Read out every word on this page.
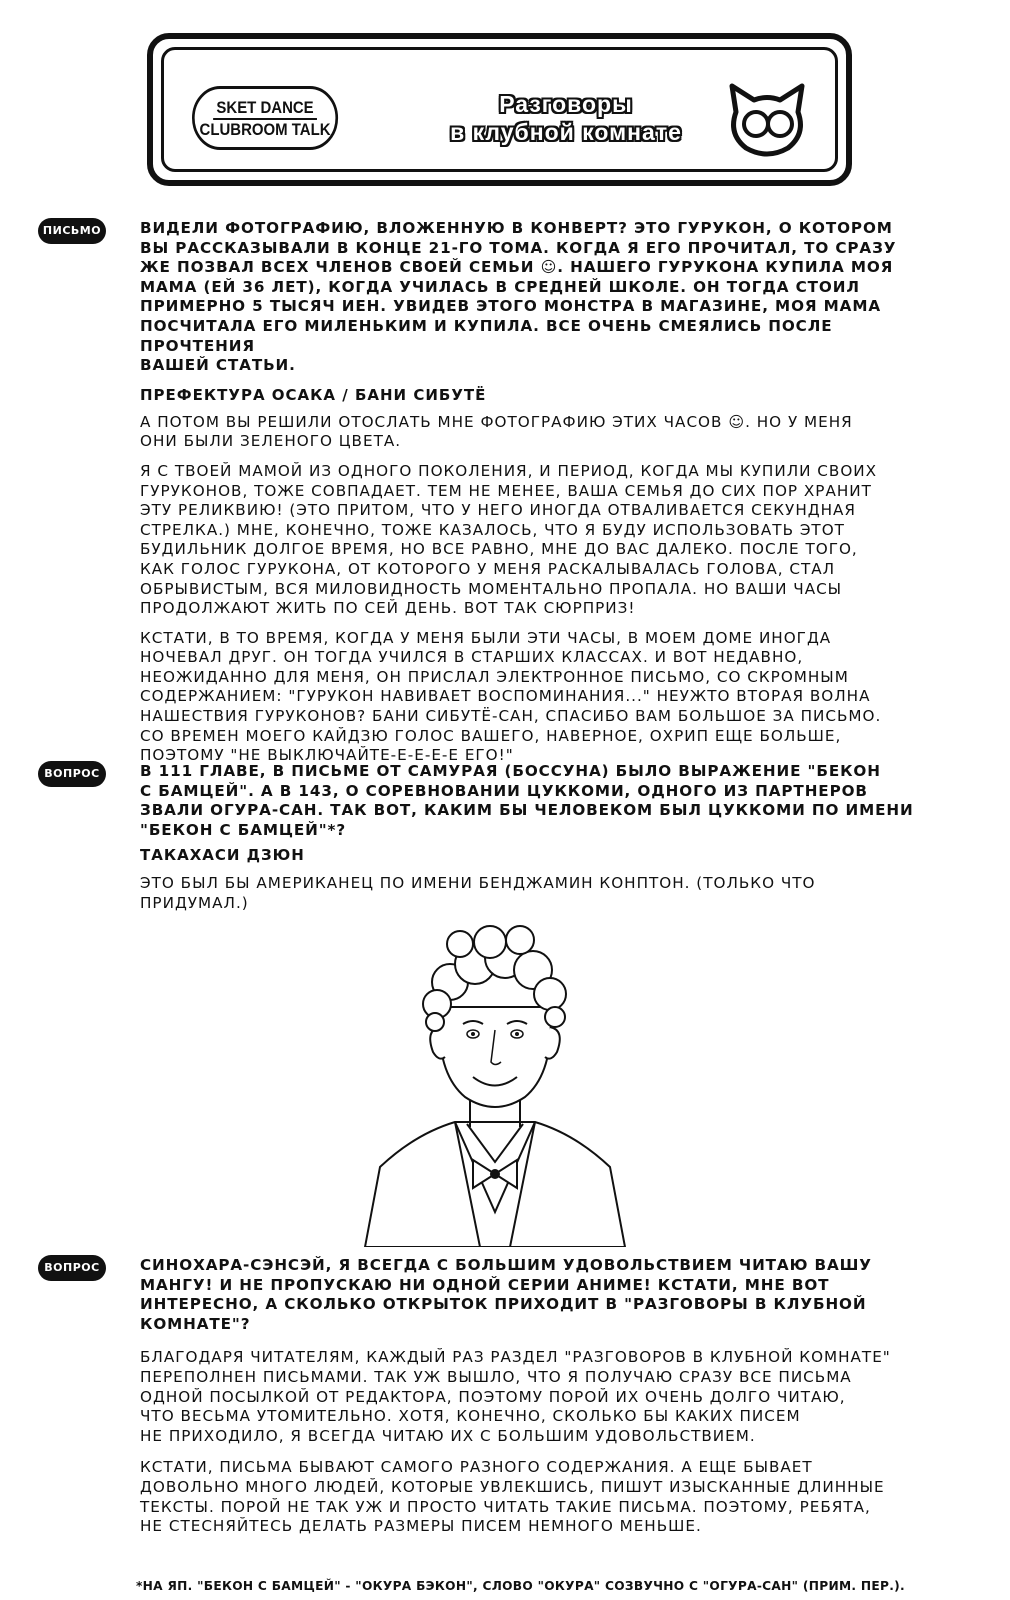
SKET DANCE
CLUBROOM TALK
Разговоры
в клубной комнате
ПИСЬМО	ВИДЕЛИ ФОТОГРАФИЮ, ВЛОЖЕННУЮ В КОНВЕРТ? ЭТО ГУРУКОН, О КОТОРОМ
ВЫ РАССКАЗЫВАЛИ В КОНЦЕ 21-ГО ТОМА. КОГДА Я ЕГО ПРОЧИТАЛ, ТО СРАЗУ
ЖЕ ПОЗВАЛ ВСЕХ ЧЛЕНОВ СВОЕЙ СЕМЬИ ☺. НАШЕГО ГУРУКОНА КУПИЛА МОЯ
МАМА (ЕЙ 36 ЛЕТ), КОГДА УЧИЛАСЬ В СРЕДНЕЙ ШКОЛЕ. ОН ТОГДА СТОИЛ
ПРИМЕРНО 5 ТЫСЯЧ ИЕН. УВИДЕВ ЭТОГО МОНСТРА В МАГАЗИНЕ, МОЯ МАМА
ПОСЧИТАЛА ЕГО МИЛЕНЬКИМ И КУПИЛА. ВСЕ ОЧЕНЬ СМЕЯЛИСЬ ПОСЛЕ ПРОЧТЕНИЯ
ВАШЕЙ СТАТЬИ.

ПРЕФЕКТУРА ОСАКА / БАНИ СИБУТЁ

А ПОТОМ ВЫ РЕШИЛИ ОТОСЛАТЬ МНЕ ФОТОГРАФИЮ ЭТИХ ЧАСОВ ☺. НО У МЕНЯ
ОНИ БЫЛИ ЗЕЛЕНОГО ЦВЕТА.

Я С ТВОЕЙ МАМОЙ ИЗ ОДНОГО ПОКОЛЕНИЯ, И ПЕРИОД, КОГДА МЫ КУПИЛИ СВОИХ
ГУРУКОНОВ, ТОЖЕ СОВПАДАЕТ. ТЕМ НЕ МЕНЕЕ, ВАША СЕМЬЯ ДО СИХ ПОР ХРАНИТ
ЭТУ РЕЛИКВИЮ! (ЭТО ПРИТОМ, ЧТО У НЕГО ИНОГДА ОТВАЛИВАЕТСЯ СЕКУНДНАЯ
СТРЕЛКА.) МНЕ, КОНЕЧНО, ТОЖЕ КАЗАЛОСЬ, ЧТО Я БУДУ ИСПОЛЬЗОВАТЬ ЭТОТ
БУДИЛЬНИК ДОЛГОЕ ВРЕМЯ, НО ВСЕ РАВНО, МНЕ ДО ВАС ДАЛЕКО. ПОСЛЕ ТОГО,
КАК ГОЛОС ГУРУКОНА, ОТ КОТОРОГО У МЕНЯ РАСКАЛЫВАЛАСЬ ГОЛОВА, СТАЛ
ОБРЫВИСТЫМ, ВСЯ МИЛОВИДНОСТЬ МОМЕНТАЛЬНО ПРОПАЛА. НО ВАШИ ЧАСЫ
ПРОДОЛЖАЮТ ЖИТЬ ПО СЕЙ ДЕНЬ. ВОТ ТАК СЮРПРИЗ!

КСТАТИ, В ТО ВРЕМЯ, КОГДА У МЕНЯ БЫЛИ ЭТИ ЧАСЫ, В МОЕМ ДОМЕ ИНОГДА
НОЧЕВАЛ ДРУГ. ОН ТОГДА УЧИЛСЯ В СТАРШИХ КЛАССАХ. И ВОТ НЕДАВНО,
НЕОЖИДАННО ДЛЯ МЕНЯ, ОН ПРИСЛАЛ ЭЛЕКТРОННОЕ ПИСЬМО, СО СКРОМНЫМ
СОДЕРЖАНИЕМ: "ГУРУКОН НАВИВАЕТ ВОСПОМИНАНИЯ..." НЕУЖТО ВТОРАЯ ВОЛНА
НАШЕСТВИЯ ГУРУКОНОВ? БАНИ СИБУТЁ-САН, СПАСИБО ВАМ БОЛЬШОЕ ЗА ПИСЬМО.
СО ВРЕМЕН МОЕГО КАЙДЗЮ ГОЛОС ВАШЕГО, НАВЕРНОЕ, ОХРИП ЕЩЕ БОЛЬШЕ,
ПОЭТОМУ "НЕ ВЫКЛЮЧАЙТЕ-Е-Е-Е-Е ЕГО!"

ВОПРОС	В 111 ГЛАВЕ, В ПИСЬМЕ ОТ САМУРАЯ (БОССУНА) БЫЛО ВЫРАЖЕНИЕ "БЕКОН
С БАМЦЕЙ". А В 143, О СОРЕВНОВАНИИ ЦУККОМИ, ОДНОГО ИЗ ПАРТНЕРОВ
ЗВАЛИ ОГУРА-САН. ТАК ВОТ, КАКИМ БЫ ЧЕЛОВЕКОМ БЫЛ ЦУККОМИ ПО ИМЕНИ
"БЕКОН С БАМЦЕЙ"*?

ТАКАХАСИ ДЗЮН

ЭТО БЫЛ БЫ АМЕРИКАНЕЦ ПО ИМЕНИ БЕНДЖАМИН КОНПТОН. (ТОЛЬКО ЧТО
ПРИДУМАЛ.)

ВОПРОС	СИНОХАРА-СЭНСЭЙ, Я ВСЕГДА С БОЛЬШИМ УДОВОЛЬСТВИЕМ ЧИТАЮ ВАШУ
МАНГУ! И НЕ ПРОПУСКАЮ НИ ОДНОЙ СЕРИИ АНИМЕ! КСТАТИ, МНЕ ВОТ
ИНТЕРЕСНО, А СКОЛЬКО ОТКРЫТОК ПРИХОДИТ В "РАЗГОВОРЫ В КЛУБНОЙ
КОМНАТЕ"?

БЛАГОДАРЯ ЧИТАТЕЛЯМ, КАЖДЫЙ РАЗ РАЗДЕЛ "РАЗГОВОРОВ В КЛУБНОЙ КОМНАТЕ"
ПЕРЕПОЛНЕН ПИСЬМАМИ. ТАК УЖ ВЫШЛО, ЧТО Я ПОЛУЧАЮ СРАЗУ ВСЕ ПИСЬМА
ОДНОЙ ПОСЫЛКОЙ ОТ РЕДАКТОРА, ПОЭТОМУ ПОРОЙ ИХ ОЧЕНЬ ДОЛГО ЧИТАЮ,
ЧТО ВЕСЬМА УТОМИТЕЛЬНО. ХОТЯ, КОНЕЧНО, СКОЛЬКО БЫ КАКИХ ПИСЕМ
НЕ ПРИХОДИЛО, Я ВСЕГДА ЧИТАЮ ИХ С БОЛЬШИМ УДОВОЛЬСТВИЕМ.

КСТАТИ, ПИСЬМА БЫВАЮТ САМОГО РАЗНОГО СОДЕРЖАНИЯ. А ЕЩЕ БЫВАЕТ
ДОВОЛЬНО МНОГО ЛЮДЕЙ, КОТОРЫЕ УВЛЕКШИСЬ, ПИШУТ ИЗЫСКАННЫЕ ДЛИННЫЕ
ТЕКСТЫ. ПОРОЙ НЕ ТАК УЖ И ПРОСТО ЧИТАТЬ ТАКИЕ ПИСЬМА. ПОЭТОМУ, РЕБЯТА,
НЕ СТЕСНЯЙТЕСЬ ДЕЛАТЬ РАЗМЕРЫ ПИСЕМ НЕМНОГО МЕНЬШЕ.

*НА ЯП. "БЕКОН С БАМЦЕЙ" - "ОКУРА БЭКОН", СЛОВО "ОКУРА" СОЗВУЧНО С "ОГУРА-САН" (ПРИМ. ПЕР.).
